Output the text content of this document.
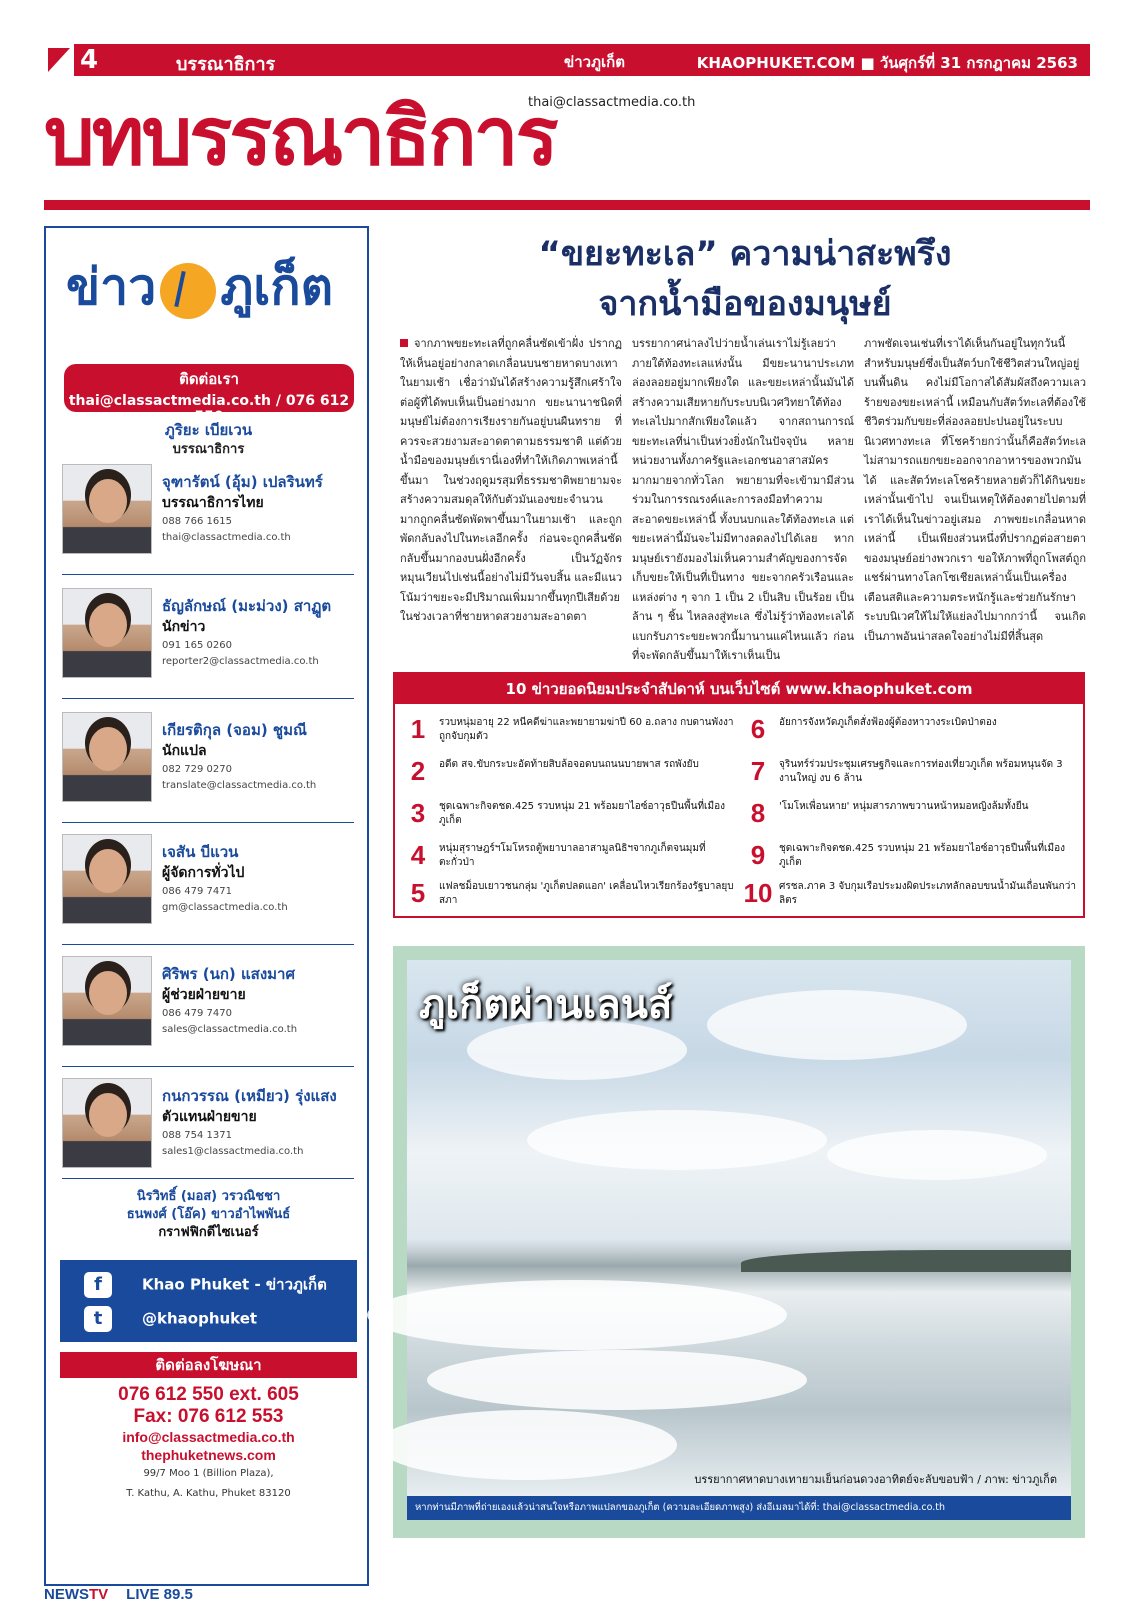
4	บรรณาธิการ	ข่าวภูเก็ต	KHAOPHUKET.COM ■ วันศุกร์ที่ 31 กรกฎาคม 2563
บทบรรณาธิการ
thai@classactmedia.co.th
ข่าว ภูเก็ต
ติดต่อเรา
thai@classactmedia.co.th / 076 612 550
ภูริยะ เบียเวน
บรรณาธิการ
จุฑารัตน์ (อุ้ม) เปลรินทร์
บรรณาธิการไทย
088 766 1615
thai@classactmedia.co.th
ธัญลักษณ์ (มะม่วง) สาฏูต
นักข่าว
091 165 0260
reporter2@classactmedia.co.th
เกียรติกุล (จอม) ชูมณี
นักแปล
082 729 0270
translate@classactmedia.co.th
เจสัน บีแวน
ผู้จัดการทั่วไป
086 479 7471
gm@classactmedia.co.th
ศิริพร (นก) แสงมาศ
ผู้ช่วยฝ่ายขาย
086 479 7470
sales@classactmedia.co.th
กนกวรรณ (เหมียว) รุ่งแสง
ตัวแทนฝ่ายขาย
088 754 1371
sales1@classactmedia.co.th
นิรวิทธิ์ (มอส) วรวณิชชา
ธนพงศ์ (โอ๊ค) ขาวอำไพพันธ์
กราฟฟิกดีไซเนอร์
f	Khao Phuket - ข่าวภูเก็ต
t	@khaophuket
ติดต่อลงโฆษณา
076 612 550 ext. 605
Fax: 076 612 553
info@classactmedia.co.th
thephuketnews.com
99/7 Moo 1 (Billion Plaza),
T. Kathu, A. Kathu, Phuket 83120
“ขยะทะเล” ความน่าสะพรึง
จากน้ำมือของมนุษย์
จากภาพขยะทะเลที่ถูกคลื่นซัดเข้าฝั่ง ปรากฏให้เห็นอยู่อย่างกลาดเกลื่อนบนชายหาดบางเทาในยามเช้า เชื่อว่ามันได้สร้างความรู้สึกเศร้าใจต่อผู้ที่ได้พบเห็นเป็นอย่างมาก ขยะนานาชนิดที่มนุษย์ไม่ต้องการเรียงรายกันอยู่บนผืนทราย ที่ควรจะสวยงามสะอาดตาตามธรรมชาติ แต่ด้วยน้ำมือของมนุษย์เรานี่เองที่ทำให้เกิดภาพเหล่านี้ขึ้นมา ในช่วงฤดูมรสุมที่ธรรมชาติพยายามจะสร้างความสมดุลให้กับตัวมันเองขยะจำนวนมากถูกคลื่นซัดพัดพาขึ้นมาในยามเช้า และถูกพัดกลับลงไปในทะเลอีกครั้ง ก่อนจะถูกคลื่นซัดกลับขึ้นมากองบนฝั่งอีกครั้ง เป็นวัฏจักรหมุนเวียนไปเช่นนี้อย่างไม่มีวันจบสิ้น และมีแนวโน้มว่าขยะจะมีปริมาณเพิ่มมากขึ้นทุกปีเสียด้วย ในช่วงเวลาที่ชายหาดสวยงามสะอาดตา
บรรยากาศน่าลงไปว่ายน้ำเล่นเราไม่รู้เลยว่าภายใต้ท้องทะเลแห่งนั้น มีขยะนานาประเภทล่องลอยอยู่มากเพียงใด และขยะเหล่านั้นมันได้สร้างความเสียหายกับระบบนิเวศวิทยาใต้ท้องทะเลไปมากสักเพียงใดแล้ว จากสถานการณ์ขยะทะเลที่น่าเป็นห่วงยิ่งนักในปัจจุบัน หลายหน่วยงานทั้งภาครัฐและเอกชนอาสาสมัครมากมายจากทั่วโลก พยายามที่จะเข้ามามีส่วนร่วมในการรณรงค์และการลงมือทำความสะอาดขยะเหล่านี้ ทั้งบนบกและใต้ท้องทะเล แต่ขยะเหล่านี้มันจะไม่มีทางลดลงไปได้เลย หากมนุษย์เรายังมองไม่เห็นความสำคัญของการจัดเก็บขยะให้เป็นที่เป็นทาง ขยะจากครัวเรือนและแหล่งต่าง ๆ จาก 1 เป็น 2 เป็นสิบ เป็นร้อย เป็นล้าน ๆ ชิ้น ไหลลงสู่ทะเล ซึ่งไม่รู้ว่าท้องทะเลได้แบกรับภาระขยะพวกนี้มานานแค่ไหนแล้ว ก่อนที่จะพัดกลับขึ้นมาให้เราเห็นเป็น
ภาพชัดเจนเช่นที่เราได้เห็นกันอยู่ในทุกวันนี้ สำหรับมนุษย์ซึ่งเป็นสัตว์บกใช้ชีวิตส่วนใหญ่อยู่บนพื้นดิน คงไม่มีโอกาสได้สัมผัสถึงความเลวร้ายของขยะเหล่านี้ เหมือนกับสัตว์ทะเลที่ต้องใช้ชีวิตร่วมกับขยะที่ล่องลอยปะปนอยู่ในระบบนิเวศทางทะเล ที่โชคร้ายกว่านั้นก็คือสัตว์ทะเลไม่สามารถแยกขยะออกจากอาหารของพวกมันได้ และสัตว์ทะเลโชคร้ายหลายตัวก็ได้กินขยะเหล่านั้นเข้าไป จนเป็นเหตุให้ต้องตายไปตามที่เราได้เห็นในข่าวอยู่เสมอ ภาพขยะเกลื่อนหาดเหล่านี้ เป็นเพียงส่วนหนึ่งที่ปรากฏต่อสายตาของมนุษย์อย่างพวกเรา ขอให้ภาพที่ถูกโพสต์ถูกแชร์ผ่านทางโลกโซเชียลเหล่านั้นเป็นเครื่องเตือนสติและความตระหนักรู้และช่วยกันรักษาระบบนิเวศให้ไม่ให้แย่ลงไปมากกว่านี้ จนเกิดเป็นภาพอันน่าสลดใจอย่างไม่มีที่สิ้นสุด
10 ข่าวยอดนิยมประจำสัปดาห์ บนเว็บไซต์ www.khaophuket.com
1	รวบหนุ่มอายุ 22 หนีคดีฆ่าและพยายามฆ่าปี 60 อ.ถลาง กบดานพังงาถูกจับกุมตัว
2	อดีต สจ.ขับกระบะอัดท้ายสิบล้อจอดบนถนนบายพาส รถพังยับ
3	ชุดเฉพาะกิจตชด.425 รวบหนุ่ม 21 พร้อมยาไอซ์อาวุธปืนพื้นที่เมืองภูเก็ต
4	หนุ่มสุราษฎร์ฯโมโหรถตู้พยาบาลอาสามูลนิธิฯจากภูเก็ตจนมุมที่ตะกั่วป่า
5	แฟลชม็อบเยาวชนกลุ่ม 'ภูเก็ตปลดแอก' เคลื่อนไหวเรียกร้องรัฐบาลยุบสภา
6	อัยการจังหวัดภูเก็ตสั่งฟ้องผู้ต้องหาวางระเบิดป่าตอง
7	จุรินทร์ร่วมประชุมเศรษฐกิจและการท่องเที่ยวภูเก็ต พร้อมหนุนจัด 3 งานใหญ่ งบ 6 ล้าน
8	'โมโหเพื่อนหาย' หนุ่มสารภาพขวานหน้าหมอหญิงล้มทั้งยืน
9	ชุดเฉพาะกิจตชด.425 รวบหนุ่ม 21 พร้อมยาไอซ์อาวุธปืนพื้นที่เมืองภูเก็ต
10 ศรชล.ภาค 3 จับกุมเรือประมงผิดประเภทลักลอบขนน้ำมันเถื่อนพันกว่าลิตร
ภูเก็ตผ่านเลนส์
บรรยากาศหาดบางเทายามเย็นก่อนดวงอาทิตย์จะลับขอบฟ้า / ภาพ: ข่าวภูเก็ต
หากท่านมีภาพที่ถ่ายเองแล้วน่าสนใจหรือภาพแปลกของภูเก็ต (ความละเอียดภาพสูง) ส่งอีเมลมาได้ที่: thai@classactmedia.co.th
NEWSTV LIVE 89.5
